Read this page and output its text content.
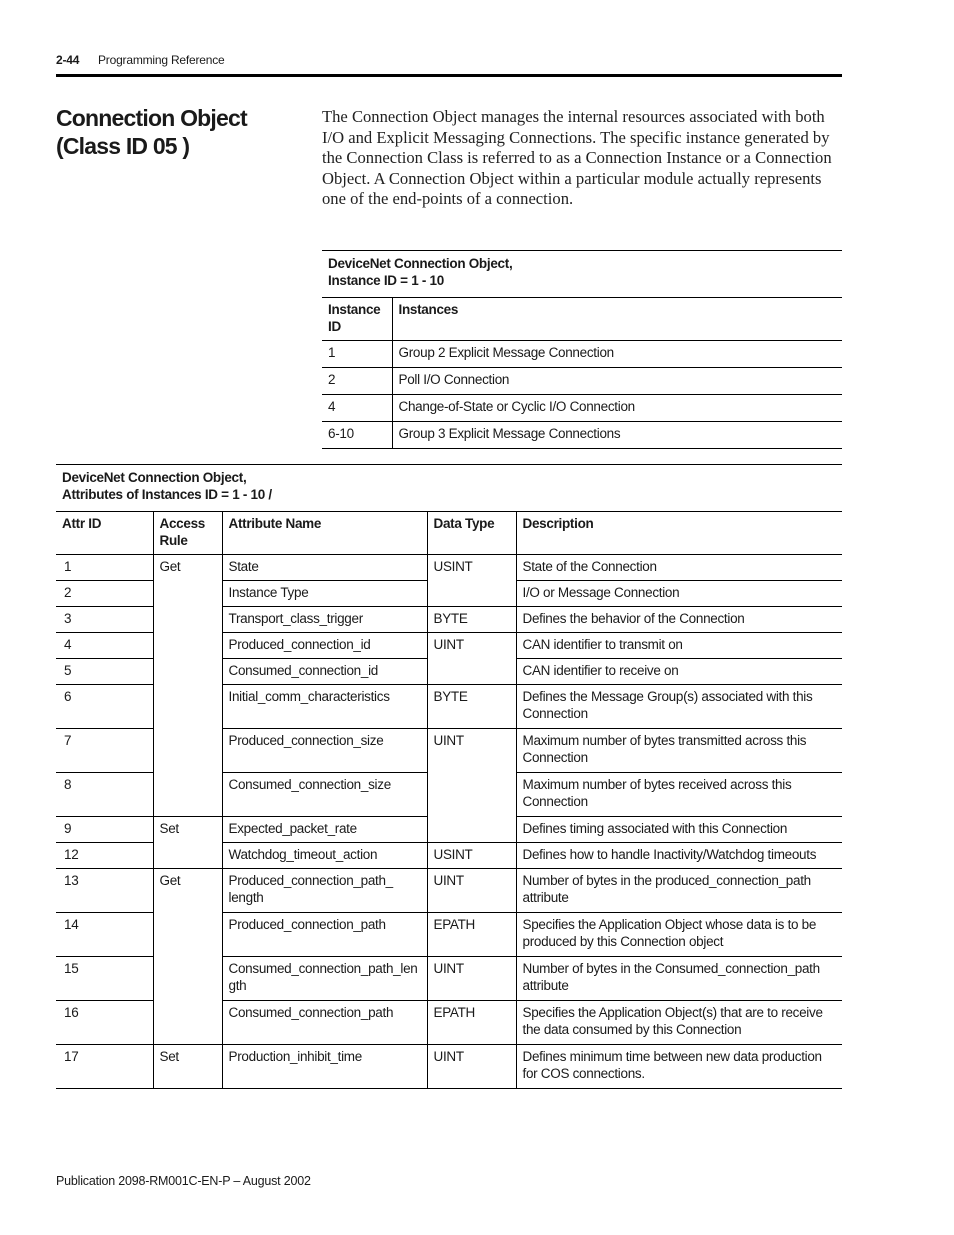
2-44 Programming Reference
Connection Object
(Class ID 05 )
The Connection Object manages the internal resources associated with both I/O and Explicit Messaging Connections. The specific instance generated by the Connection Class is referred to as a Connection Instance or a Connection Object. A Connection Object within a particular module actually represents one of the end-points of a connection.
DeviceNet Connection Object,
Instance ID = 1 - 10	

Instance ID	Instances
1	Group 2 Explicit Message Connection
2	Poll I/O Connection
4	Change-of-State or Cyclic I/O Connection
6-10	Group 3 Explicit Message Connections
DeviceNet Connection Object,
Attributes of Instances ID = 1 - 10 /				

Attr ID	Access Rule	Attribute Name	Data Type	Description
1	Get	State	USINT	State of the Connection
2		Instance Type		I/O or Message Connection
3		Transport_class_trigger	BYTE	Defines the behavior of the Connection
4		Produced_connection_id	UINT	CAN identifier to transmit on
5		Consumed_connection_id		CAN identifier to receive on
6		Initial_comm_characteristics	BYTE	Defines the Message Group(s) associated with this Connection
7		Produced_connection_size	UINT	Maximum number of bytes transmitted across this Connection
8		Consumed_connection_size		Maximum number of bytes received across this Connection
9	Set	Expected_packet_rate		Defines timing associated with this Connection
12		Watchdog_timeout_action	USINT	Defines how to handle Inactivity/Watchdog timeouts
13	Get	Produced_connection_path_ length	UINT	Number of bytes in the produced_connection_path attribute
14		Produced_connection_path	EPATH	Specifies the Application Object whose data is to be produced by this Connection object
15		Consumed_connection_path_len gth	UINT	Number of bytes in the Consumed_connection_path attribute
16		Consumed_connection_path	EPATH	Specifies the Application Object(s) that are to receive the data consumed by this Connection
17	Set	Production_inhibit_time	UINT	Defines minimum time between new data production for COS connections.
Publication 2098-RM001C-EN-P – August 2002
